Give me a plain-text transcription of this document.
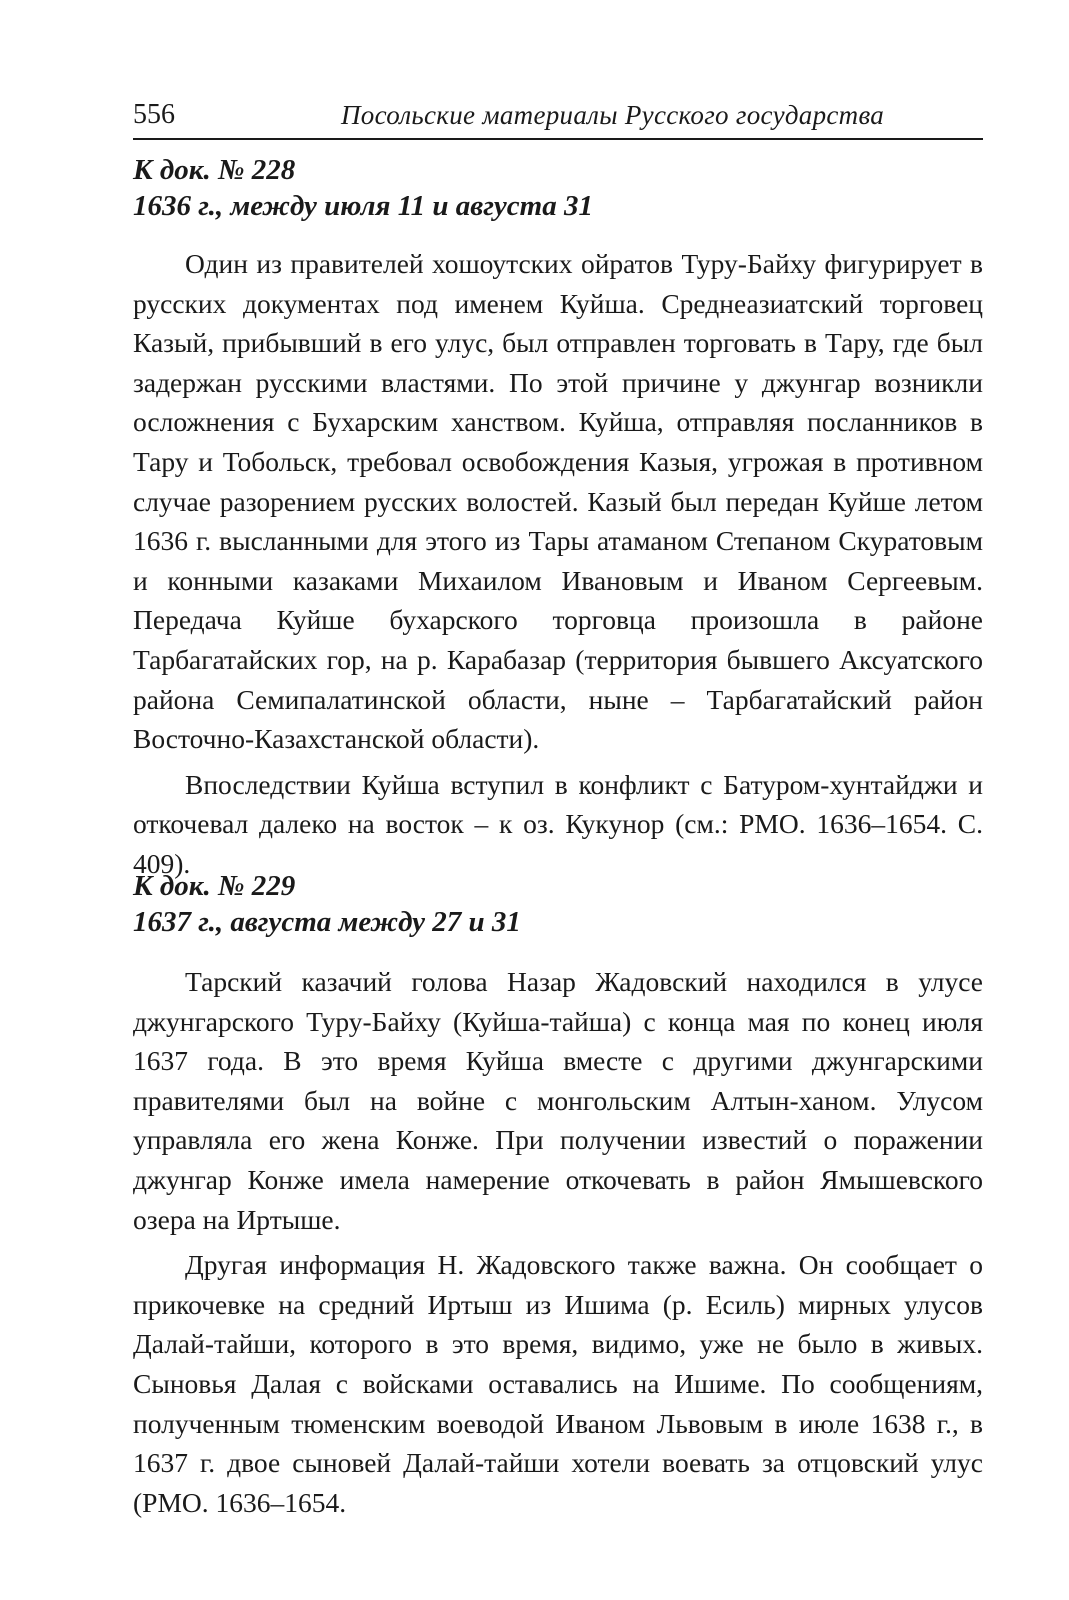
556	Посольские материалы Русского государства
К док. № 228
1636 г., между июля 11 и августа 31

Один из правителей хошоутских ойратов Туру-Байху фигурирует в русских документах под именем Куйша. Среднеазиатский торговец Казый, прибывший в его улус, был отправлен торговать в Тару, где был задержан русскими властями. По этой причине у джунгар возникли осложнения с Бухарским ханством. Куйша, отправляя посланников в Тару и Тобольск, требовал освобождения Казыя, угрожая в противном случае разорением русских волостей. Казый был передан Куйше летом 1636 г. высланными для этого из Тары атаманом Степаном Скуратовым и конными казаками Михаилом Ивановым и Иваном Сергеевым. Передача Куйше бухарского торговца произошла в районе Тарбагатайских гор, на р. Карабазар (территория бывшего Аксуатского района Семипалатинской области, ныне – Тарбагатайский район Восточно-Казахстанской области).

Впоследствии Куйша вступил в конфликт с Батуром-хунтайджи и откочевал далеко на восток – к оз. Кукунор (см.: РМО. 1636–1654. С. 409).

К док. № 229
1637 г., августа между 27 и 31

Тарский казачий голова Назар Жадовский находился в улусе джунгарского Туру-Байху (Куйша-тайша) с конца мая по конец июля 1637 года. В это время Куйша вместе с другими джунгарскими правителями был на войне с монгольским Алтын-ханом. Улусом управляла его жена Конже. При получении известий о поражении джунгар Конже имела намерение откочевать в район Ямышевского озера на Иртыше.

Другая информация Н. Жадовского также важна. Он сообщает о прикочевке на средний Иртыш из Ишима (р. Есиль) мирных улусов Далай-тайши, которого в это время, видимо, уже не было в живых. Сыновья Далая с войсками оставались на Ишиме. По сообщениям, полученным тюменским воеводой Иваном Львовым в июле 1638 г., в 1637 г. двое сыновей Далай-тайши хотели воевать за отцовский улус (РМО. 1636–1654.
